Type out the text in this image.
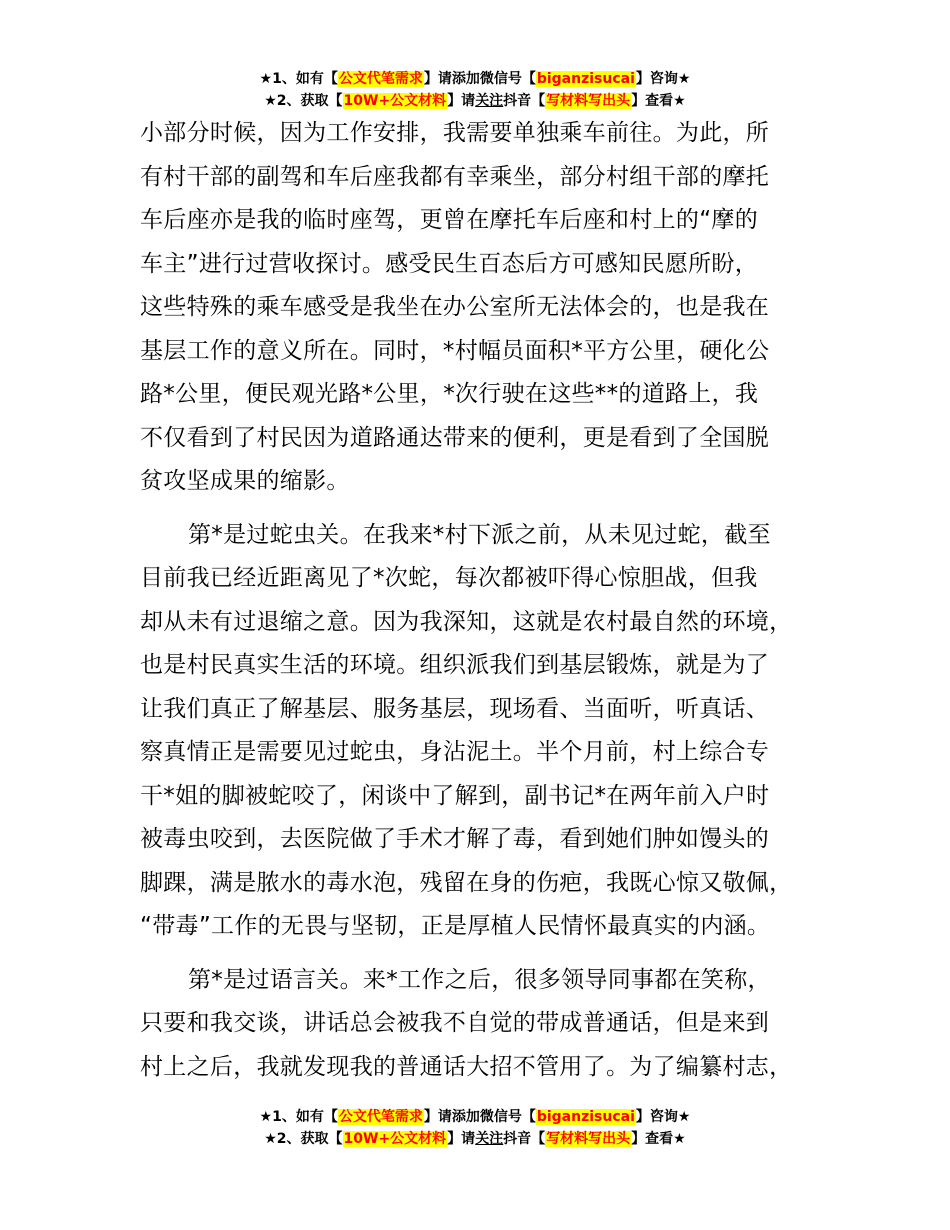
★1、如有【公文代笔需求】请添加微信号【biganzisucai】咨询★
★2、获取【10W+公文材料】请关注抖音【写材料写出头】查看★

小部分时候，因为工作安排，我需要单独乘车前往。为此，所
有村干部的副驾和车后座我都有幸乘坐，部分村组干部的摩托
车后座亦是我的临时座驾，更曾在摩托车后座和村上的“摩的
车主”进行过营收探讨。感受民生百态后方可感知民愿所盼，
这些特殊的乘车感受是我坐在办公室所无法体会的，也是我在
基层工作的意义所在。同时，*村幅员面积*平方公里，硬化公
路*公里，便民观光路*公里，*次行驶在这些**的道路上，我
不仅看到了村民因为道路通达带来的便利，更是看到了全国脱
贫攻坚成果的缩影。

第*是过蛇虫关。在我来*村下派之前，从未见过蛇，截至
目前我已经近距离见了*次蛇，每次都被吓得心惊胆战，但我
却从未有过退缩之意。因为我深知，这就是农村最自然的环境，
也是村民真实生活的环境。组织派我们到基层锻炼，就是为了
让我们真正了解基层、服务基层，现场看、当面听，听真话、
察真情正是需要见过蛇虫，身沾泥土。半个月前，村上综合专
干*姐的脚被蛇咬了，闲谈中了解到，副书记*在两年前入户时
被毒虫咬到，去医院做了手术才解了毒，看到她们肿如馒头的
脚踝，满是脓水的毒水泡，残留在身的伤疤，我既心惊又敬佩，
“带毒”工作的无畏与坚韧，正是厚植人民情怀最真实的内涵。

第*是过语言关。来*工作之后，很多领导同事都在笑称，
只要和我交谈，讲话总会被我不自觉的带成普通话，但是来到
村上之后，我就发现我的普通话大招不管用了。为了编纂村志，

★1、如有【公文代笔需求】请添加微信号【biganzisucai】咨询★
★2、获取【10W+公文材料】请关注抖音【写材料写出头】查看★
